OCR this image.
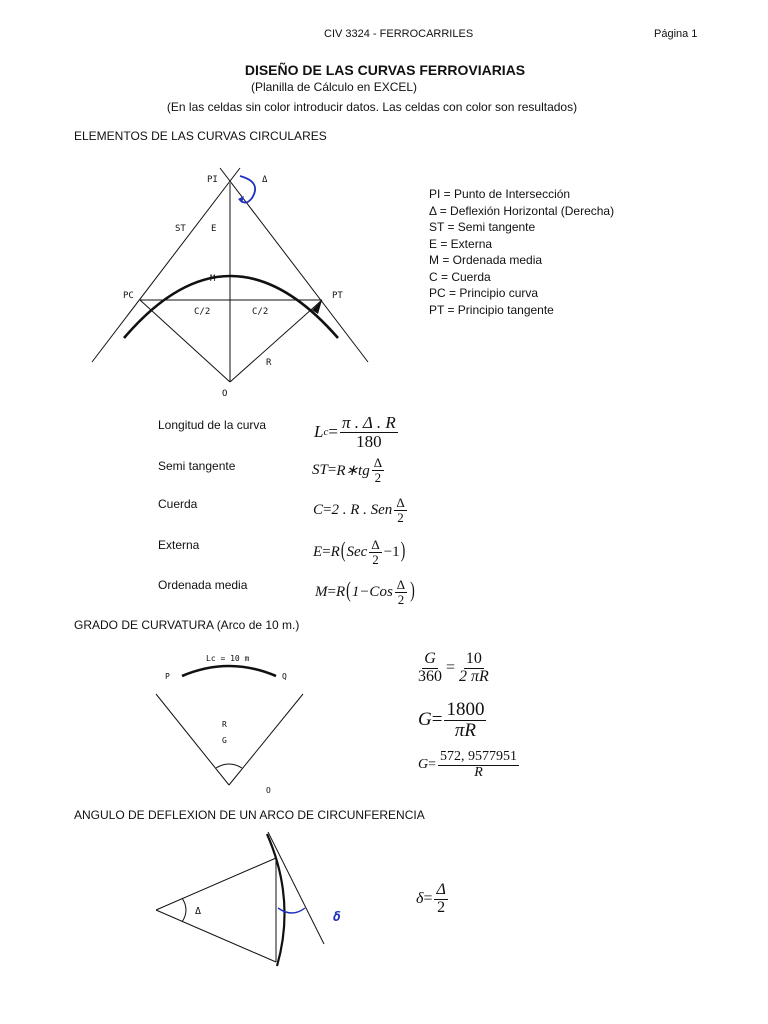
CIV 3324 - FERROCARRILES	Página 1
DISEÑO DE LAS CURVAS FERROVIARIAS
(Planilla de Cálculo en EXCEL)
(En las celdas sin color introducir datos. Las celdas con color son resultados)
ELEMENTOS DE LAS CURVAS CIRCULARES
PI	Δ
ST	E
M
PC	PT
C/2	C/2
R
O
PI = Punto de Intersección
Δ = Deflexión Horizontal (Derecha)
ST = Semi tangente
E = Externa
M = Ordenada media
C = Cuerda
PC = Principio curva
PT = Principio tangente
Longitud de la curva
Semi tangente
Cuerda
Externa
Ordenada media
L $c = \frac{\pi . \Delta . R}{180}$
ST = R∗tg $\frac{\Delta}{2}$
C = 2 . R . Sen $\frac{\Delta}{2}$
E = R ( Sec $\frac{\Delta}{2} -1$ )
M = R ( $1-Cos \frac{\Delta}{2}$ )
GRADO DE CURVATURA (Arco de 10 m.)
Lc = 10 m
P	Q
R
G
O
$\frac{G}{360} = \frac{10}{2 \pi R}$
$G = \frac{1800}{\pi R}$
$G = \frac{572, 9577951}{R}$
ANGULO DE DEFLEXION DE UN ARCO DE CIRCUNFERENCIA
Δ	δ
$\delta = \frac{\Delta}{2}$
